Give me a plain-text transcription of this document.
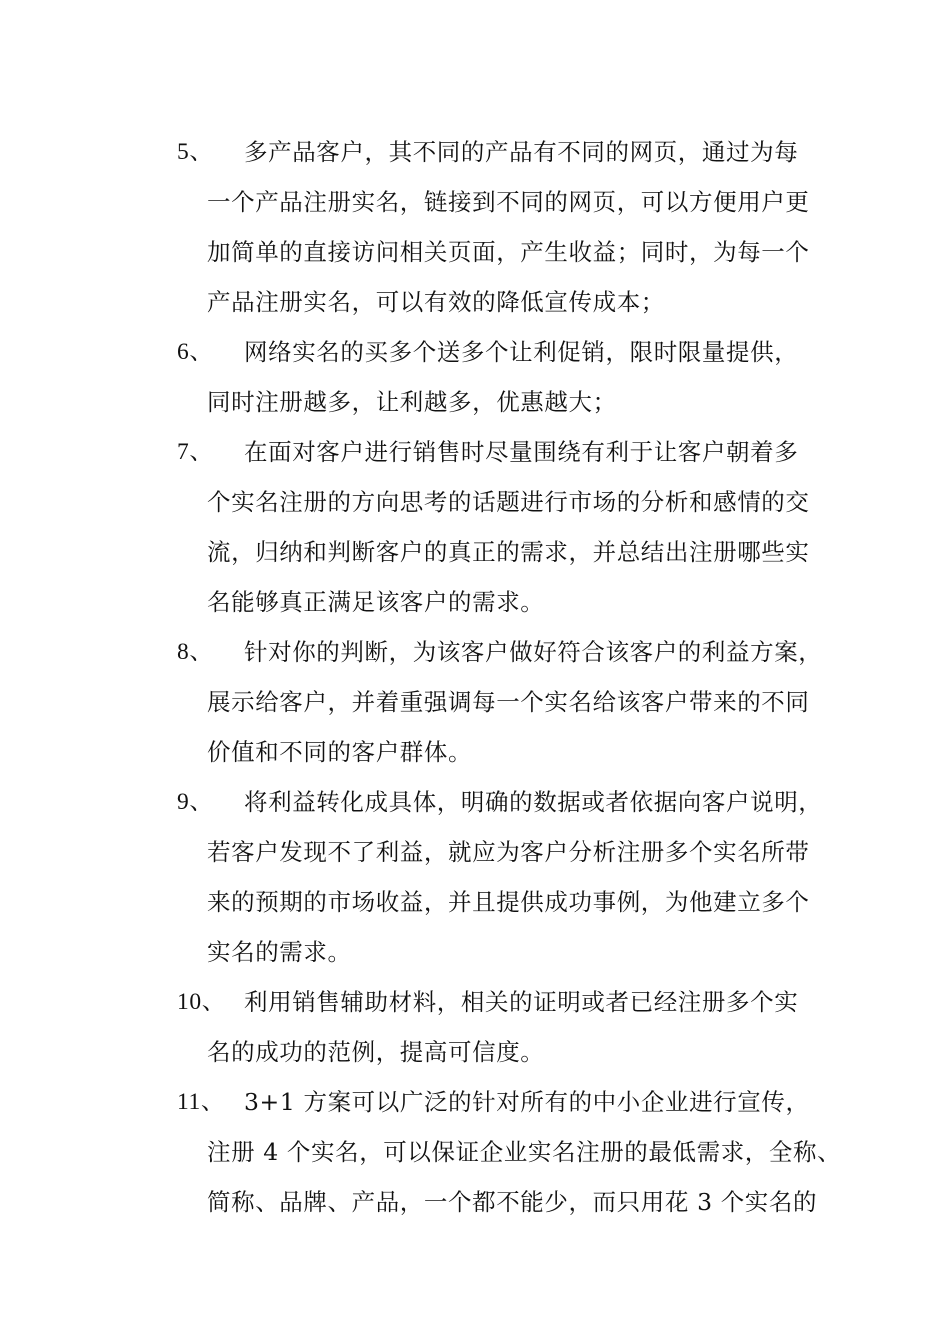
5、 多产品客户，其不同的产品有不同的网页，通过为每
一个产品注册实名，链接到不同的网页，可以方便用户更
加简单的直接访问相关页面，产生收益；同时，为每一个
产品注册实名，可以有效的降低宣传成本；
6、 网络实名的买多个送多个让利促销，限时限量提供，
同时注册越多，让利越多，优惠越大；
7、 在面对客户进行销售时尽量围绕有利于让客户朝着多
个实名注册的方向思考的话题进行市场的分析和感情的交
流，归纳和判断客户的真正的需求，并总结出注册哪些实
名能够真正满足该客户的需求。
8、 针对你的判断，为该客户做好符合该客户的利益方案，
展示给客户，并着重强调每一个实名给该客户带来的不同
价值和不同的客户群体。
9、 将利益转化成具体，明确的数据或者依据向客户说明，
若客户发现不了利益，就应为客户分析注册多个实名所带
来的预期的市场收益，并且提供成功事例，为他建立多个
实名的需求。
10、 利用销售辅助材料，相关的证明或者已经注册多个实
名的成功的范例，提高可信度。
11、 3+1 方案可以广泛的针对所有的中小企业进行宣传，
注册 4 个实名，可以保证企业实名注册的最低需求，全称、
简称、品牌、产品，一个都不能少，而只用花 3 个实名的
